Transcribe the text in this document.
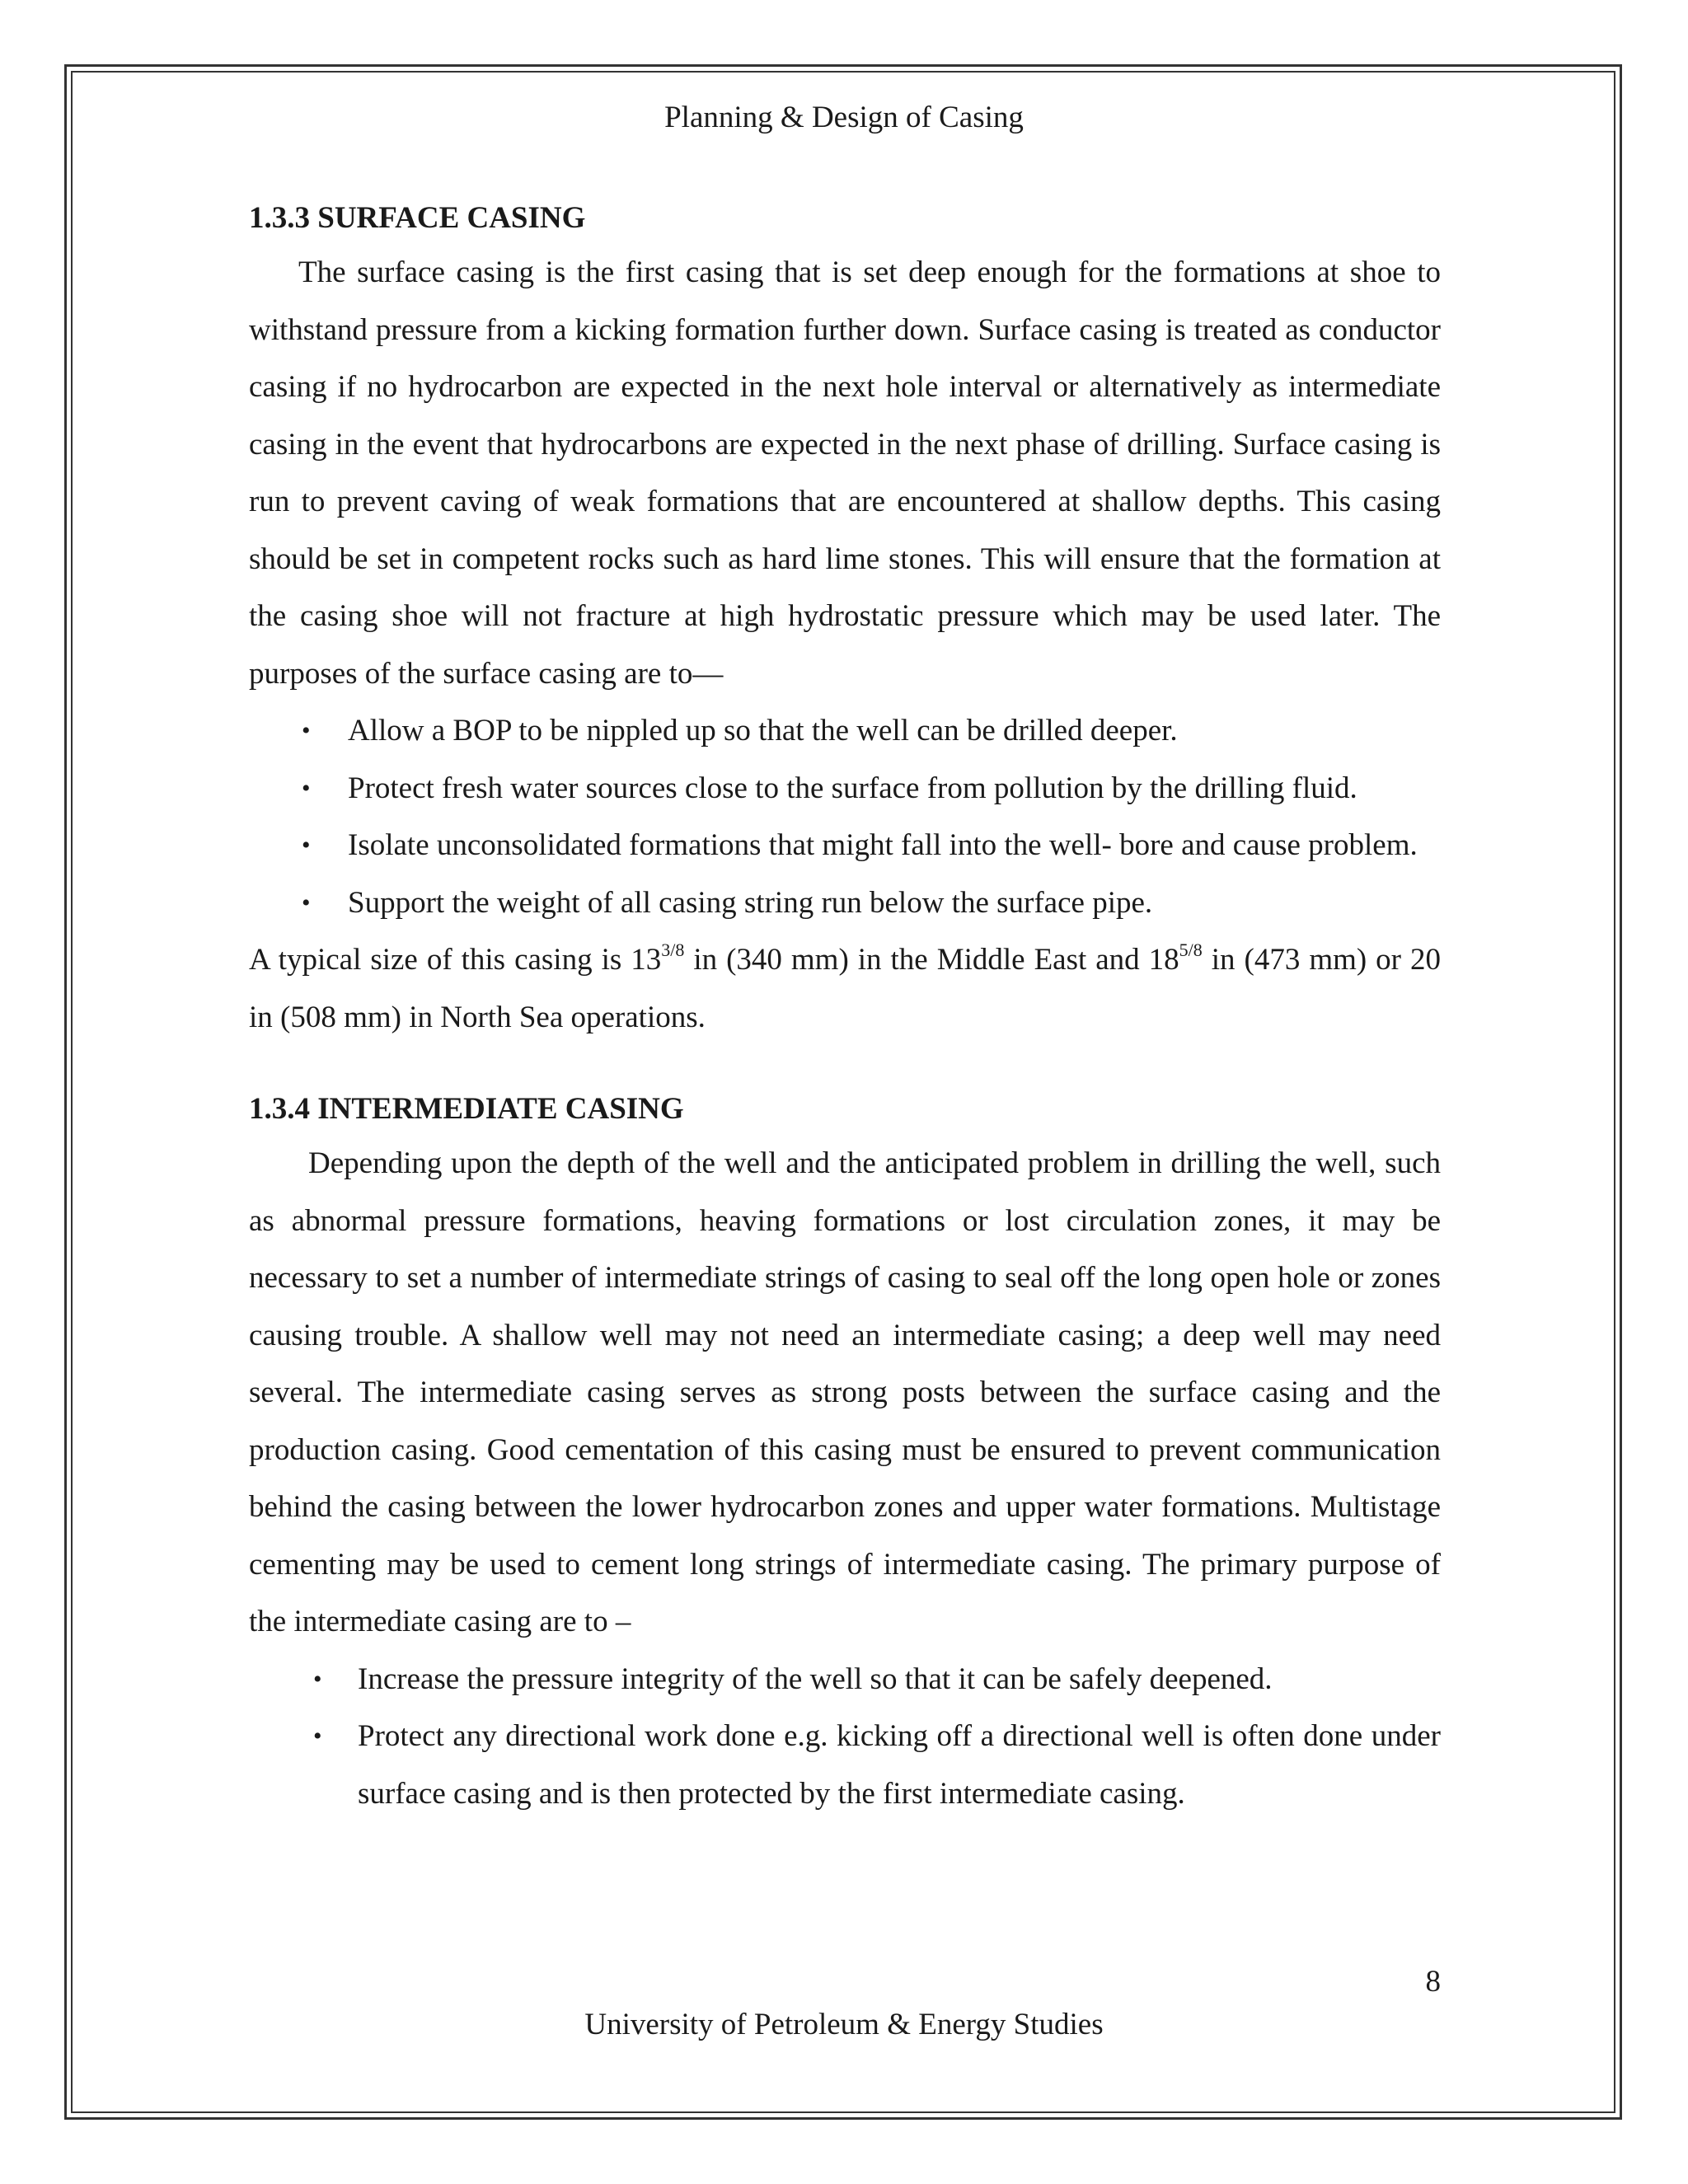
Planning & Design of Casing
1.3.3 SURFACE CASING

The surface casing is the first casing that is set deep enough for the formations at shoe to withstand pressure from a kicking formation further down. Surface casing is treated as conductor casing if no hydrocarbon are expected in the next hole interval or alternatively as intermediate casing in the event that hydrocarbons are expected in the next phase of drilling. Surface casing is run to prevent caving of weak formations that are encountered at shallow depths. This casing should be set in competent rocks such as hard lime stones. This will ensure that the formation at the casing shoe will not fracture at high hydrostatic pressure which may be used later. The purposes of the surface casing are to—

• Allow a BOP to be nippled up so that the well can be drilled deeper.
• Protect fresh water sources close to the surface from pollution by the drilling fluid.
• Isolate unconsolidated formations that might fall into the well- bore and cause problem.
• Support the weight of all casing string run below the surface pipe.

A typical size of this casing is $13^{3/8}$ in (340 mm) in the Middle East and $18^{5/8}$ in (473 mm) or 20 in (508 mm) in North Sea operations.

1.3.4 INTERMEDIATE CASING

Depending upon the depth of the well and the anticipated problem in drilling the well, such as abnormal pressure formations, heaving formations or lost circulation zones, it may be necessary to set a number of intermediate strings of casing to seal off the long open hole or zones causing trouble. A shallow well may not need an intermediate casing; a deep well may need several. The intermediate casing serves as strong posts between the surface casing and the production casing. Good cementation of this casing must be ensured to prevent communication behind the casing between the lower hydrocarbon zones and upper water formations. Multistage cementing may be used to cement long strings of intermediate casing. The primary purpose of the intermediate casing are to –

• Increase the pressure integrity of the well so that it can be safely deepened.
• Protect any directional work done e.g. kicking off a directional well is often done under surface casing and is then protected by the first intermediate casing.
8
University of Petroleum & Energy Studies
